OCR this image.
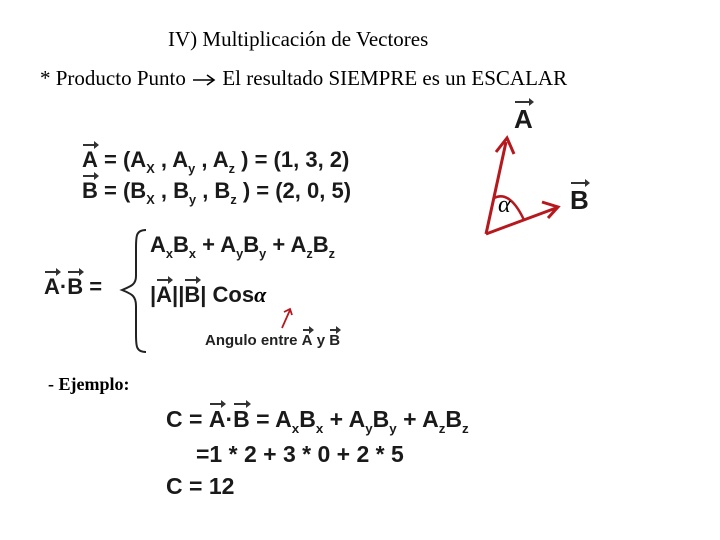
IV) Multiplicación de Vectores
* Producto Punto El resultado SIEMPRE es un ESCALAR
$A = (A_X$ , $A_y$ , $A_z$ ) = (1, 3, 2)
$B = (B_X$ , $B_y$ , $B_z$ ) = (2, 0, 5)
α
A
B
A·B =
$A_xB_x + A_yB_y + A_zB_z$
|A||B| Cosα
Angulo entre A y B
- Ejemplo:
$C = A\cdot B = A_xB_x + A_yB_y + A_zB_z$
=1 * 2 + 3 * 0 + 2 * 5
C = 12
